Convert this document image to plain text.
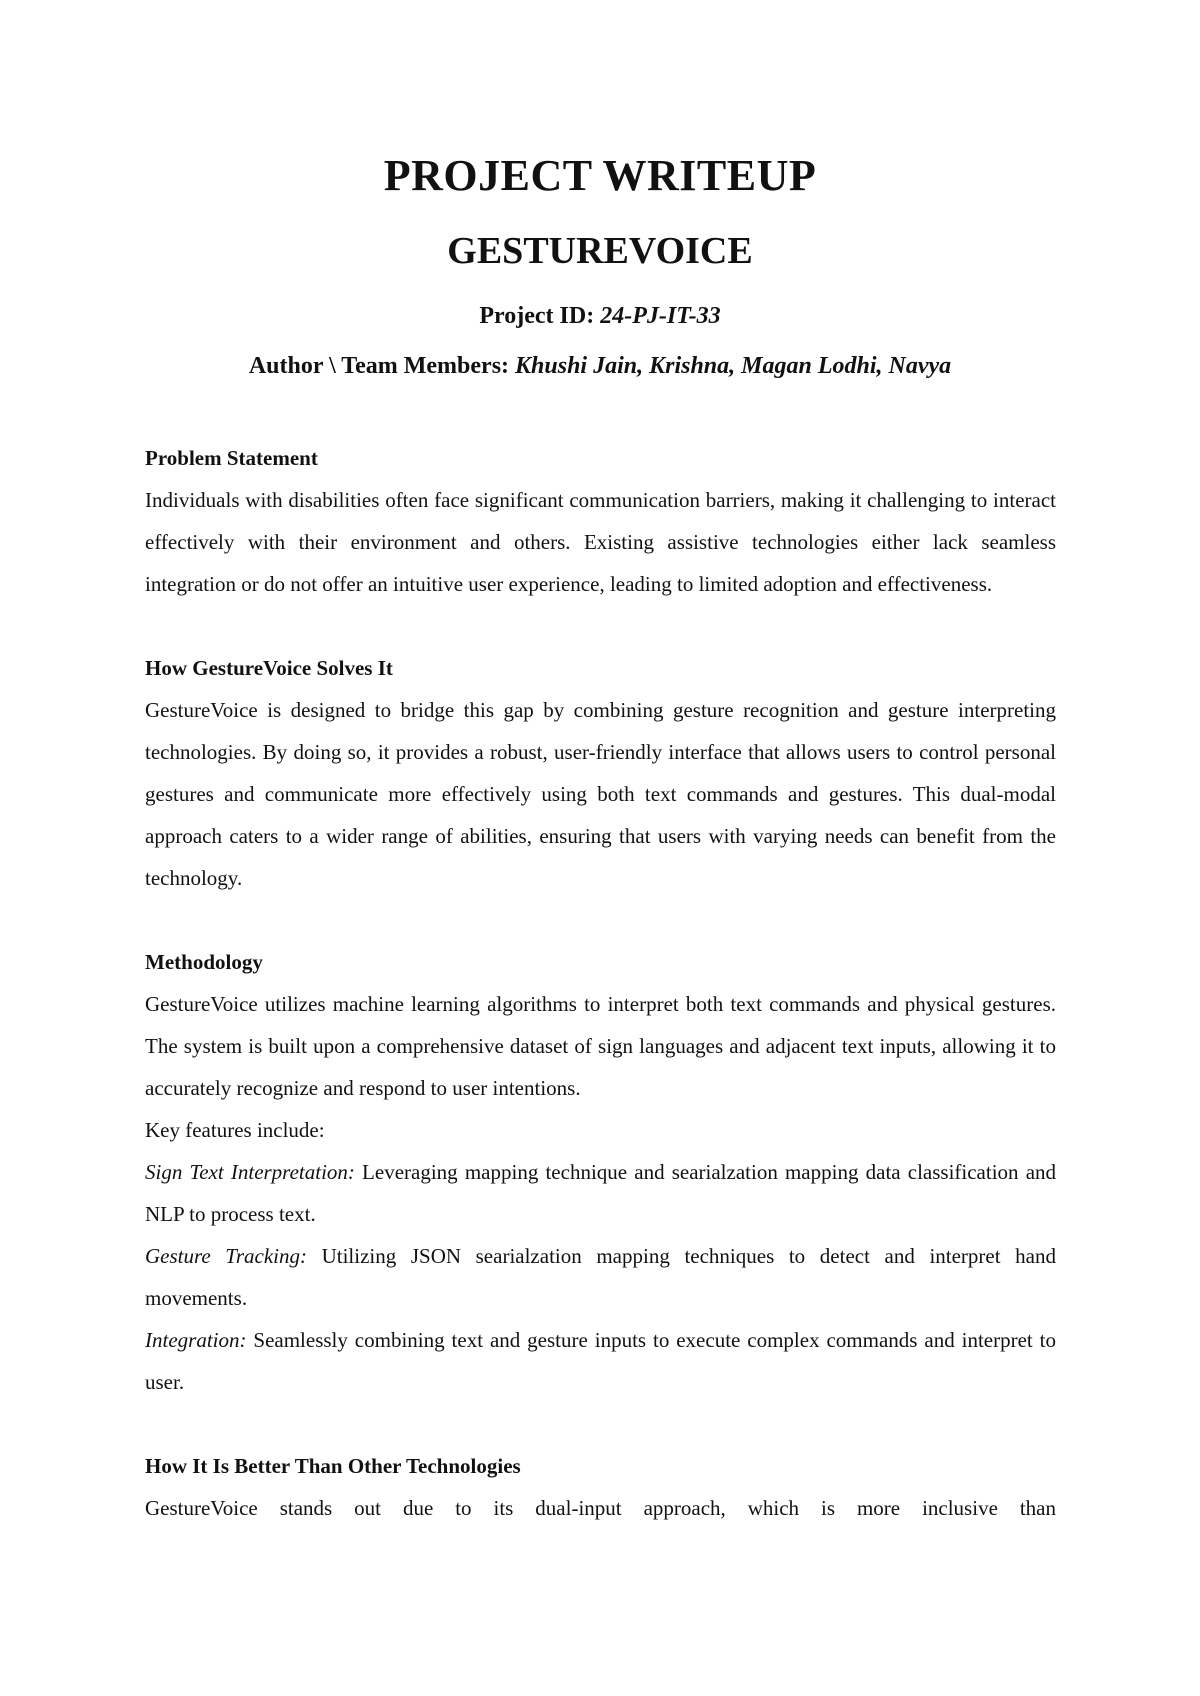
PROJECT WRITEUP
GESTUREVOICE

Project ID: 24-PJ-IT-33

Author \ Team Members: Khushi Jain, Krishna, Magan Lodhi, Navya

Problem Statement

Individuals with disabilities often face significant communication barriers, making it challenging to interact effectively with their environment and others. Existing assistive technologies either lack seamless integration or do not offer an intuitive user experience, leading to limited adoption and effectiveness.

How GestureVoice Solves It

GestureVoice is designed to bridge this gap by combining gesture recognition and gesture interpreting technologies. By doing so, it provides a robust, user-friendly interface that allows users to control personal gestures and communicate more effectively using both text commands and gestures. This dual-modal approach caters to a wider range of abilities, ensuring that users with varying needs can benefit from the technology.

Methodology

GestureVoice utilizes machine learning algorithms to interpret both text commands and physical gestures. The system is built upon a comprehensive dataset of sign languages and adjacent text inputs, allowing it to accurately recognize and respond to user intentions.

Key features include:

Sign Text Interpretation: Leveraging mapping technique and searialzation mapping data classification and NLP to process text.

Gesture Tracking: Utilizing JSON searialzation mapping techniques to detect and interpret hand movements.

Integration: Seamlessly combining text and gesture inputs to execute complex commands and interpret to user.

How It Is Better Than Other Technologies

GestureVoice stands out due to its dual-input approach, which is more inclusive than
